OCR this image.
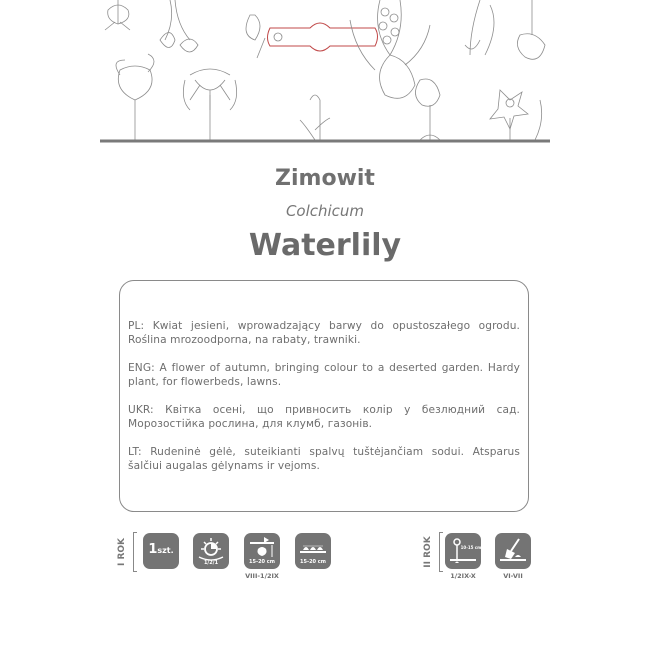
Zimowit
Colchicum
Waterlily

PL: Kwiat jesieni, wprowadzający barwy do opustoszałego ogrodu. Roślina mrozoodporna, na rabaty, trawniki.

ENG: A flower of autumn, bringing colour to a deserted garden. Hardy plant, for flowerbeds, lawns.

UKR: Квітка осені, що привносить колір у безлюдний сад. Морозостійка рослина, для клумб, газонів.

LT: Rudeninė gėlė, suteikianti spalvų tuštėjančiam sodui. Atsparus šalčiui augalas gėlynams ir vejoms.

I ROK	1szt.
1/2/1	15-20 cm
VIII-1/2IX
15-20 cm	II ROK	10-15 cm
1/2IX-X	VI-VII
